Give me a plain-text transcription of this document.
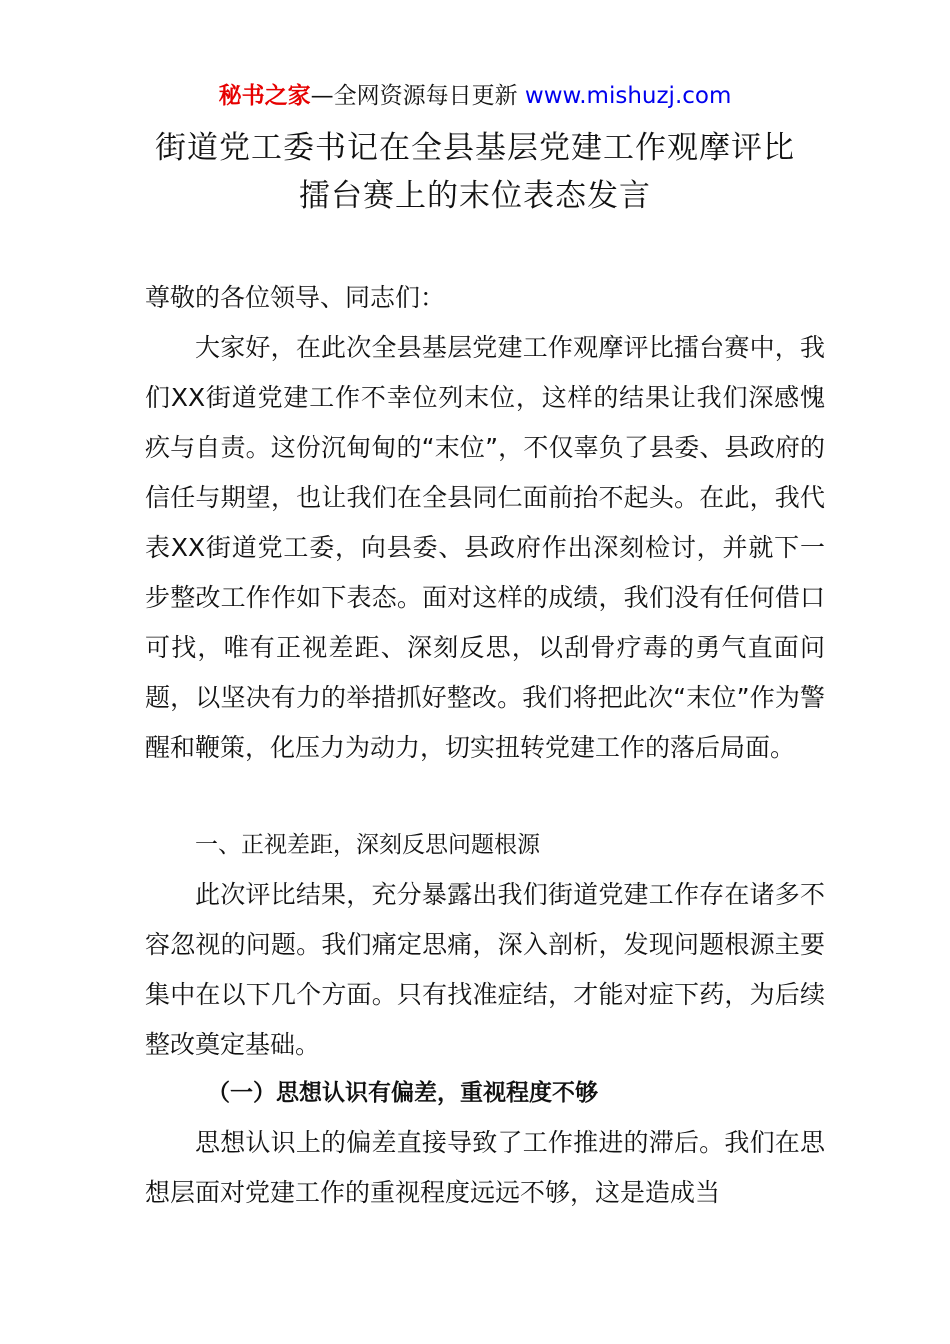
秘书之家—全网资源每日更新 www.mishuzj.com
街道党工委书记在全县基层党建工作观摩评比
擂台赛上的末位表态发言

尊敬的各位领导、同志们：

大家好，在此次全县基层党建工作观摩评比擂台赛中，我们XX街道党建工作不幸位列末位，这样的结果让我们深感愧疚与自责。这份沉甸甸的“末位”，不仅辜负了县委、县政府的信任与期望，也让我们在全县同仁面前抬不起头。在此，我代表XX街道党工委，向县委、县政府作出深刻检讨，并就下一步整改工作作如下表态。面对这样的成绩，我们没有任何借口可找，唯有正视差距、深刻反思，以刮骨疗毒的勇气直面问题，以坚决有力的举措抓好整改。我们将把此次“末位”作为警醒和鞭策，化压力为动力，切实扭转党建工作的落后局面。

一、正视差距，深刻反思问题根源

此次评比结果，充分暴露出我们街道党建工作存在诸多不容忽视的问题。我们痛定思痛，深入剖析，发现问题根源主要集中在以下几个方面。只有找准症结，才能对症下药，为后续整改奠定基础。

（一）思想认识有偏差，重视程度不够

思想认识上的偏差直接导致了工作推进的滞后。我们在思想层面对党建工作的重视程度远远不够，这是造成当
